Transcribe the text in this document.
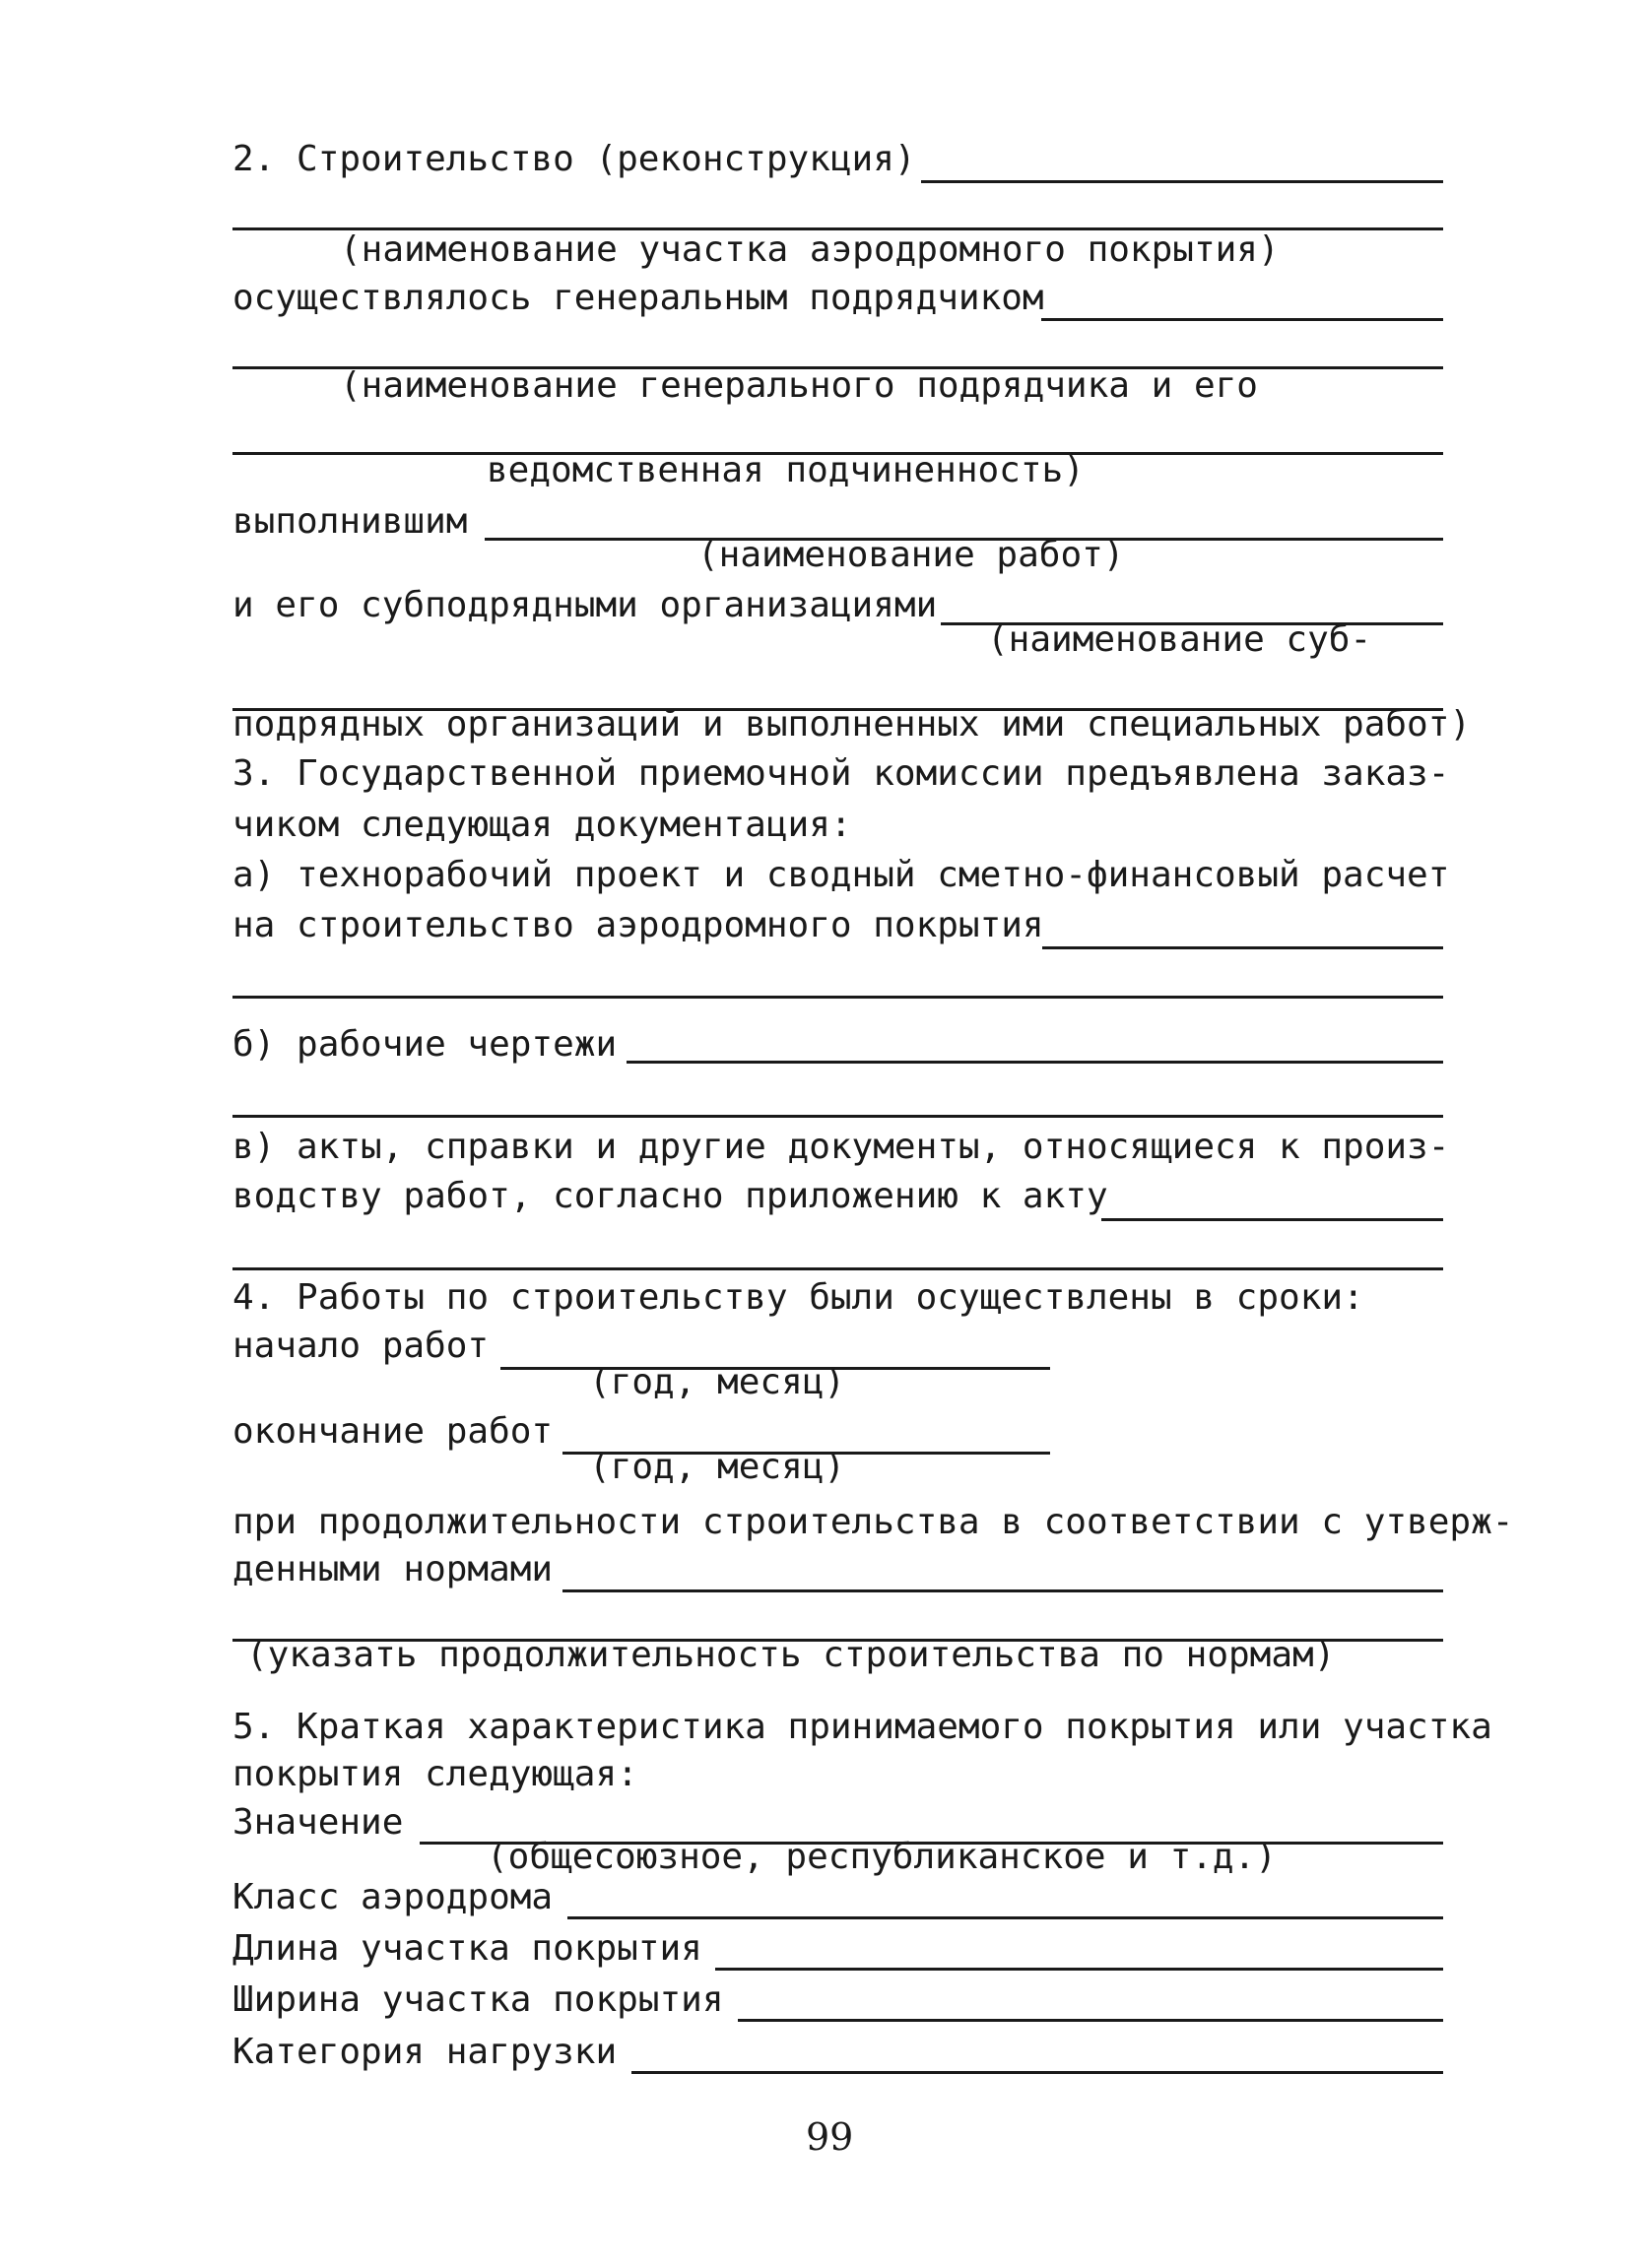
2. Строительство (реконструкция)
(наименование участка аэродромного покрытия)
осуществлялось генеральным подрядчиком
(наименование генерального подрядчика и его
ведомственная подчиненность)
выполнившим
(наименование работ)
и его субподрядными организациями
(наименование суб-
подрядных организаций и выполненных ими специальных работ)
3. Государственной приемочной комиссии предъявлена заказ-
чиком следующая документация:
а) технорабочий проект и сводный сметно-финансовый расчет
на строительство аэродромного покрытия
б) рабочие чертежи
в) акты, справки и другие документы, относящиеся к произ-
водству работ, согласно приложению к акту
4. Работы по строительству были осуществлены в сроки:
начало работ
(год, месяц)
окончание работ
(год, месяц)
при продолжительности строительства в соответствии с утверж-
денными нормами
(указать продолжительность строительства по нормам)
5. Краткая характеристика принимаемого покрытия или участка
покрытия следующая:
Значение
(общесоюзное, республиканское и т.д.)
Класс аэродрома
Длина участка покрытия
Ширина участка покрытия
Категория нагрузки
99
